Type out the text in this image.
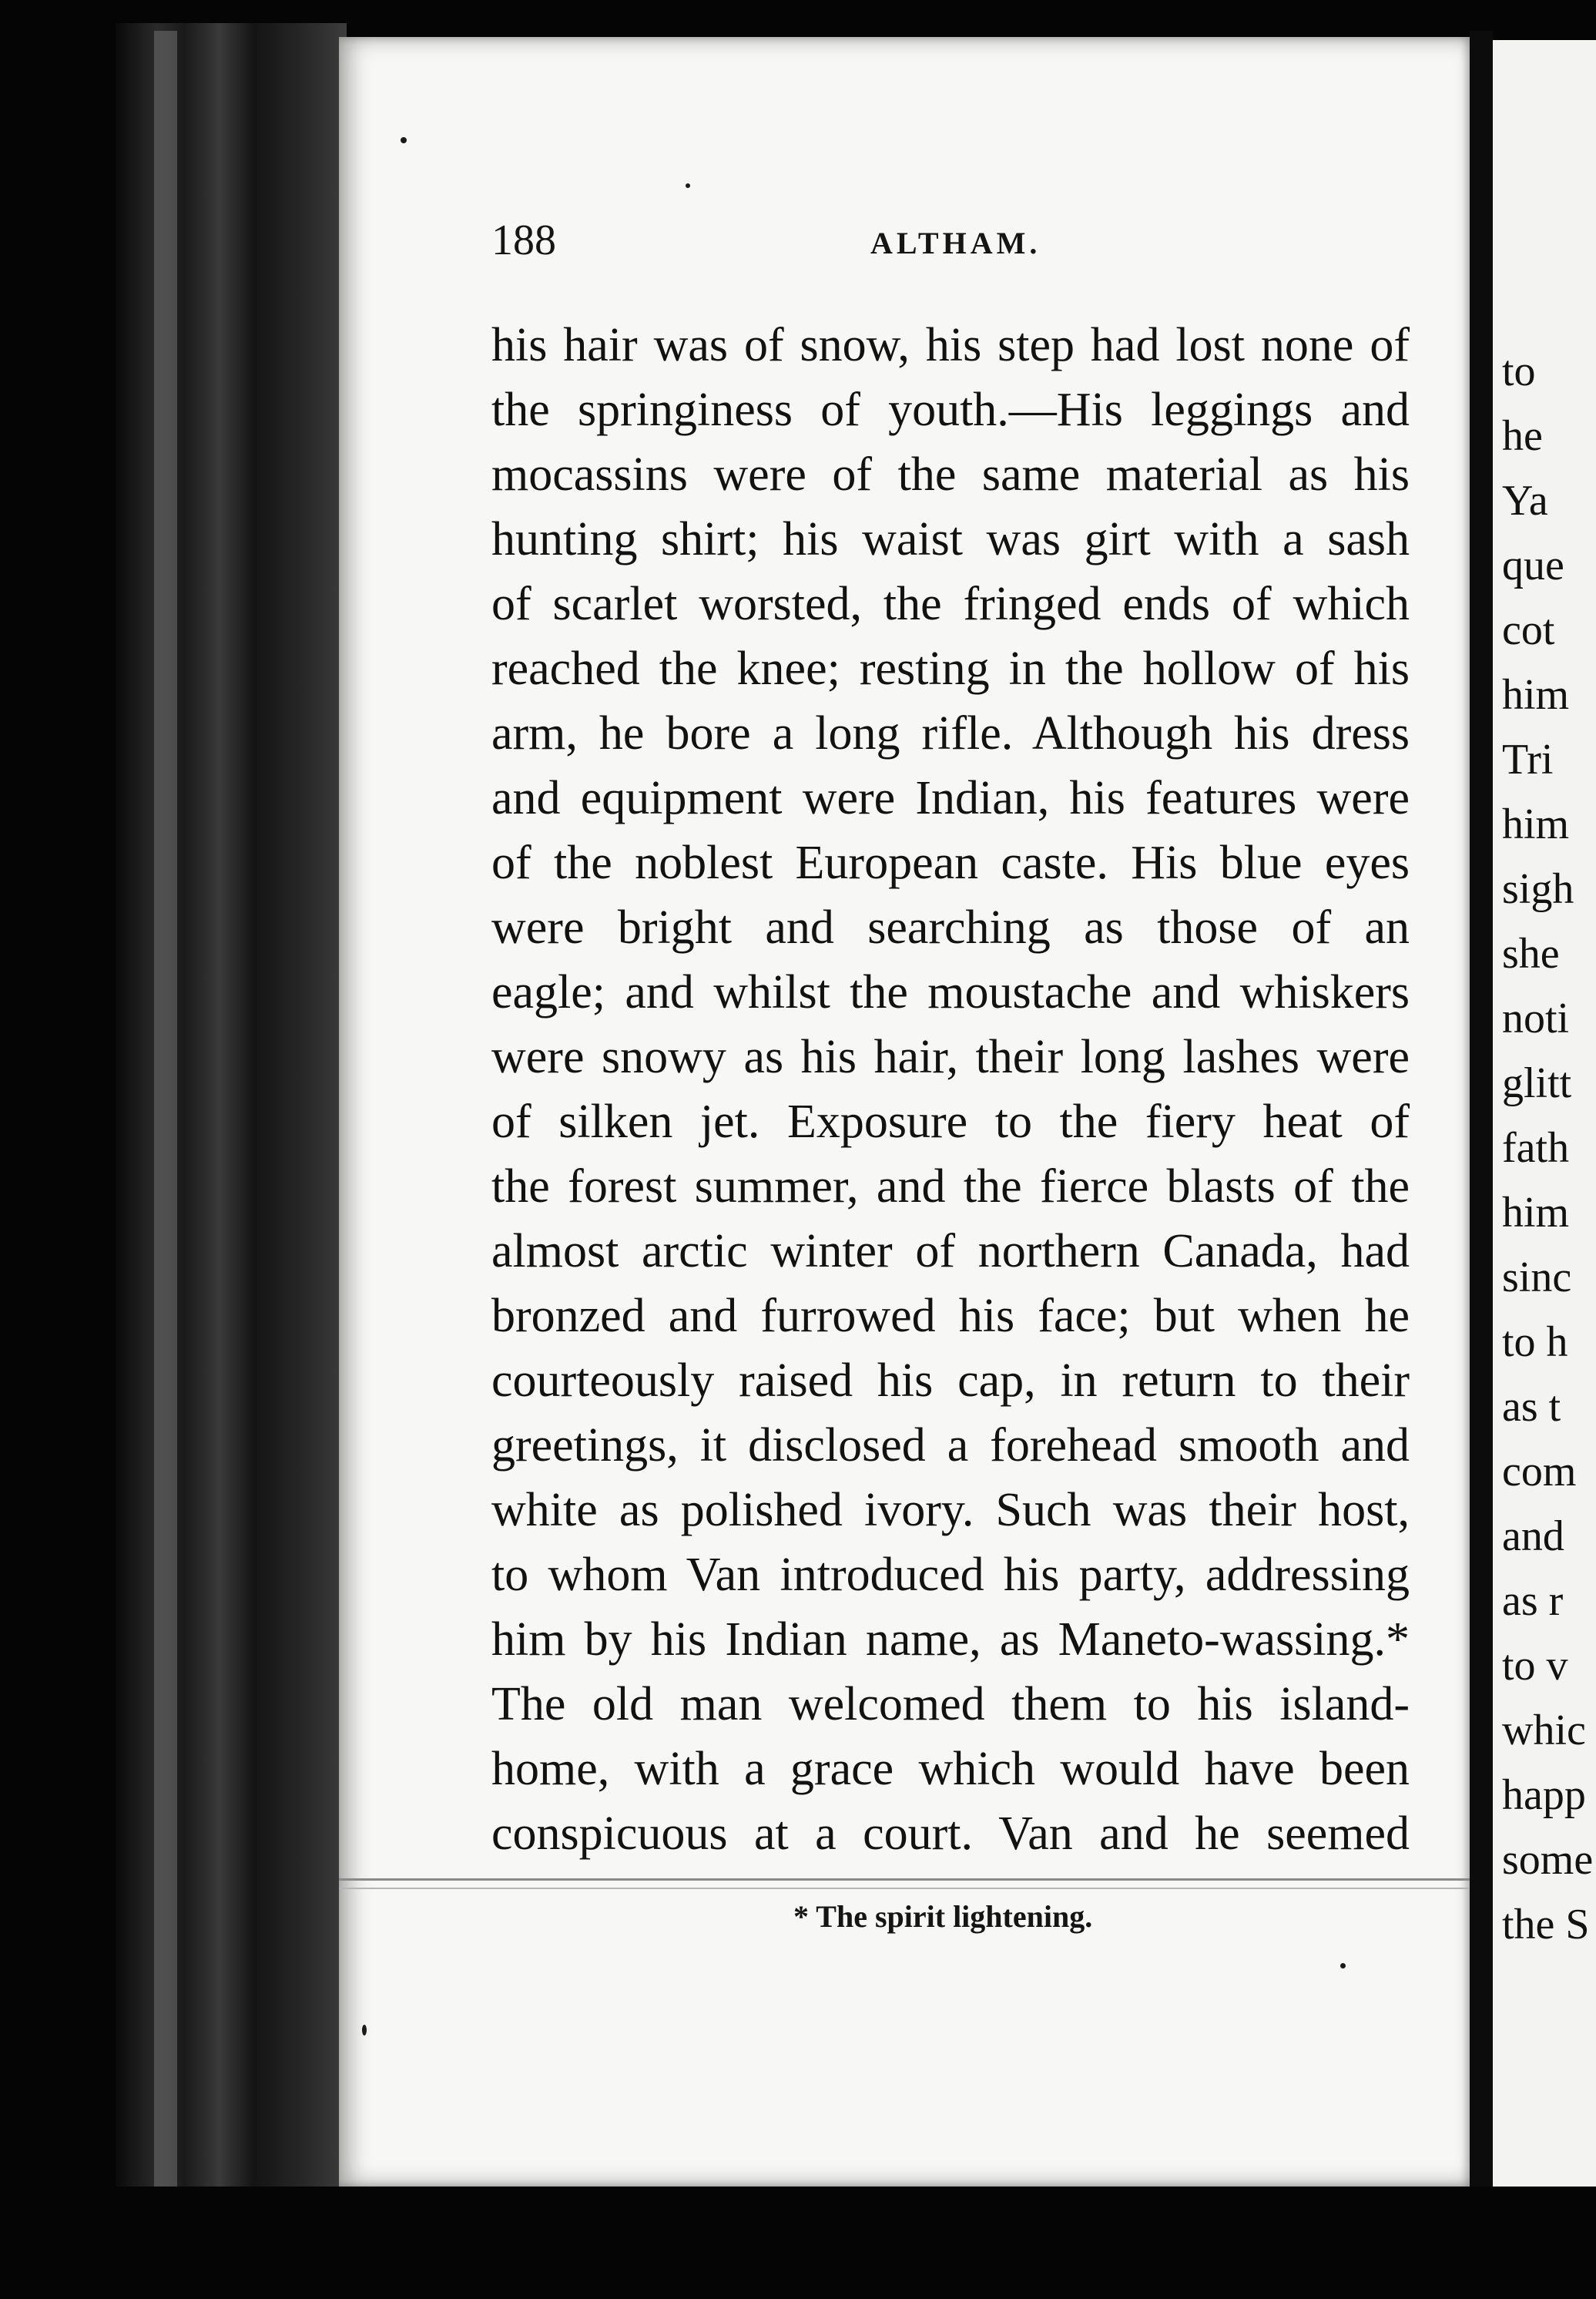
188	ALTHAM.
his hair was of snow, his step had lost none of
the springiness of youth.—His leggings and
mocassins were of the same material as his
hunting shirt; his waist was girt with a sash
of scarlet worsted, the fringed ends of which
reached the knee; resting in the hollow of his
arm, he bore a long rifle. Although his dress
and equipment were Indian, his features were
of the noblest European caste. His blue eyes
were bright and searching as those of an
eagle; and whilst the moustache and whiskers
were snowy as his hair, their long lashes were
of silken jet. Exposure to the fiery heat of
the forest summer, and the fierce blasts of the
almost arctic winter of northern Canada, had
bronzed and furrowed his face; but when he
courteously raised his cap, in return to their
greetings, it disclosed a forehead smooth and
white as polished ivory. Such was their host,
to whom Van introduced his party, addressing
him by his Indian name, as Maneto-wassing.*
The old man welcomed them to his island-
home, with a grace which would have been
conspicuous at a court. Van and he seemed
* The spirit lightening.
to
he
Ya
que
cot
him
Tri
him
sigh
she
noti
glitt
fath
him
sinc
to h
as t
com
and
as r
to v
whic
happ
some
the S
